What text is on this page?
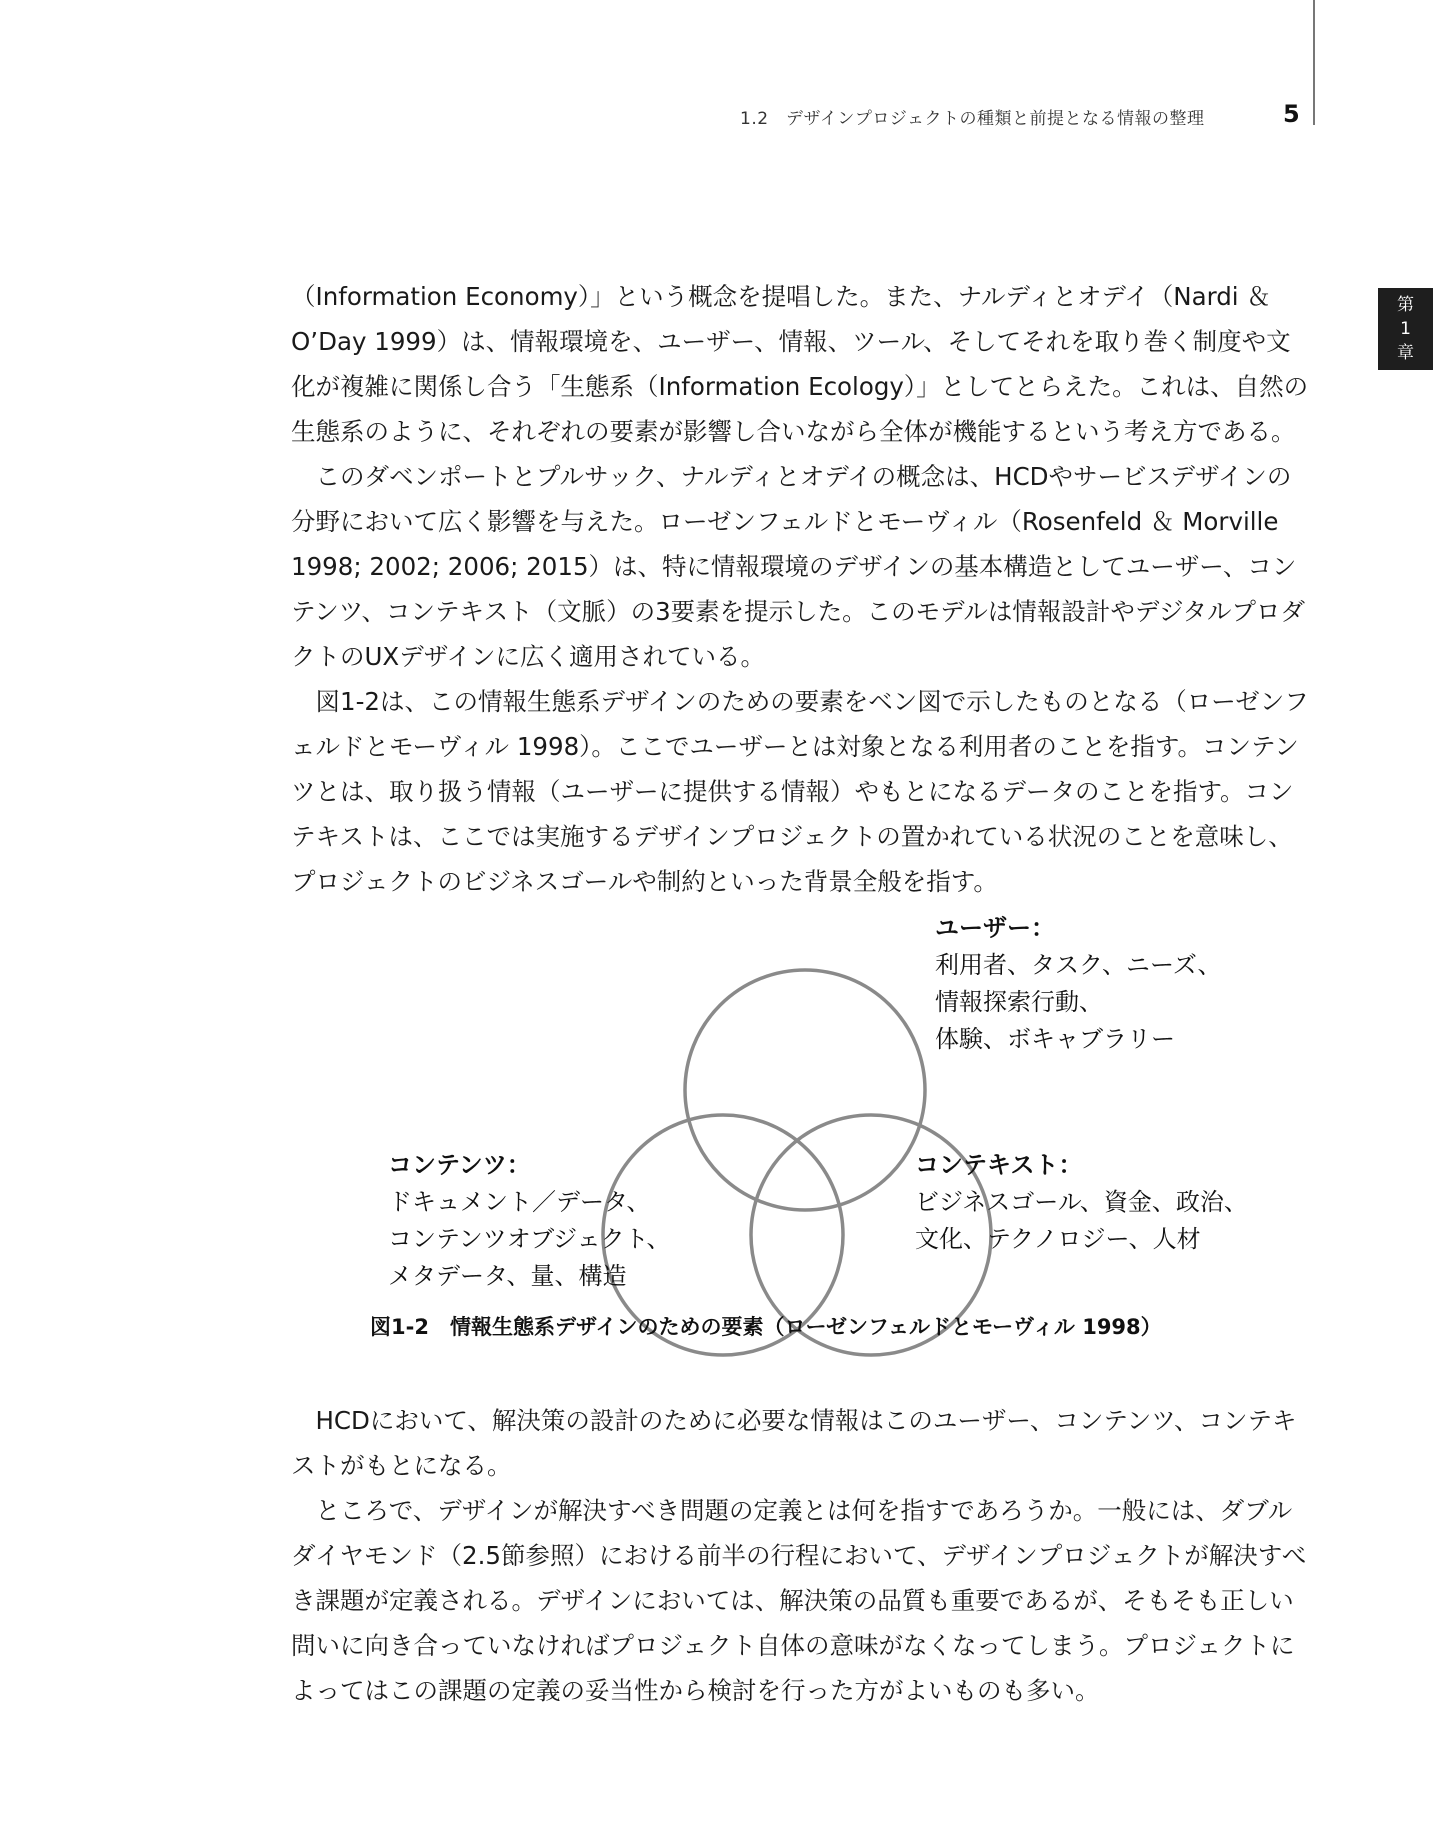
1.2　デザインプロジェクトの種類と前提となる情報の整理	5
第
1
章

（Information Economy）」という概念を提唱した。また、ナルディとオデイ（Nardi ＆ O’Day 1999）は、情報環境を、ユーザー、情報、ツール、そしてそれを取り巻く制度や文化が複雑に関係し合う「生態系（Information Ecology）」としてとらえた。これは、自然の生態系のように、それぞれの要素が影響し合いながら全体が機能するという考え方である。

このダベンポートとプルサック、ナルディとオデイの概念は、HCDやサービスデザインの分野において広く影響を与えた。ローゼンフェルドとモーヴィル（Rosenfeld ＆ Morville 1998; 2002; 2006; 2015）は、特に情報環境のデザインの基本構造としてユーザー、コンテンツ、コンテキスト（文脈）の3要素を提示した。このモデルは情報設計やデジタルプロダクトのUXデザインに広く適用されている。

図1-2は、この情報生態系デザインのための要素をベン図で示したものとなる（ローゼンフェルドとモーヴィル 1998）。ここでユーザーとは対象となる利用者のことを指す。コンテンツとは、取り扱う情報（ユーザーに提供する情報）やもとになるデータのことを指す。コンテキストは、ここでは実施するデザインプロジェクトの置かれている状況のことを意味し、プロジェクトのビジネスゴールや制約といった背景全般を指す。

ユーザー：
利用者、タスク、ニーズ、
情報探索行動、
体験、ボキャブラリー
コンテンツ：
ドキュメント／データ、
コンテンツオブジェクト、
メタデータ、量、構造
コンテキスト：
ビジネスゴール、資金、政治、
文化、テクノロジー、人材
図1-2　情報生態系デザインのための要素（ローゼンフェルドとモーヴィル 1998）

HCDにおいて、解決策の設計のために必要な情報はこのユーザー、コンテンツ、コンテキストがもとになる。

ところで、デザインが解決すべき問題の定義とは何を指すであろうか。一般には、ダブルダイヤモンド（2.5節参照）における前半の行程において、デザインプロジェクトが解決すべき課題が定義される。デザインにおいては、解決策の品質も重要であるが、そもそも正しい問いに向き合っていなければプロジェクト自体の意味がなくなってしまう。プロジェクトによってはこの課題の定義の妥当性から検討を行った方がよいものも多い。
